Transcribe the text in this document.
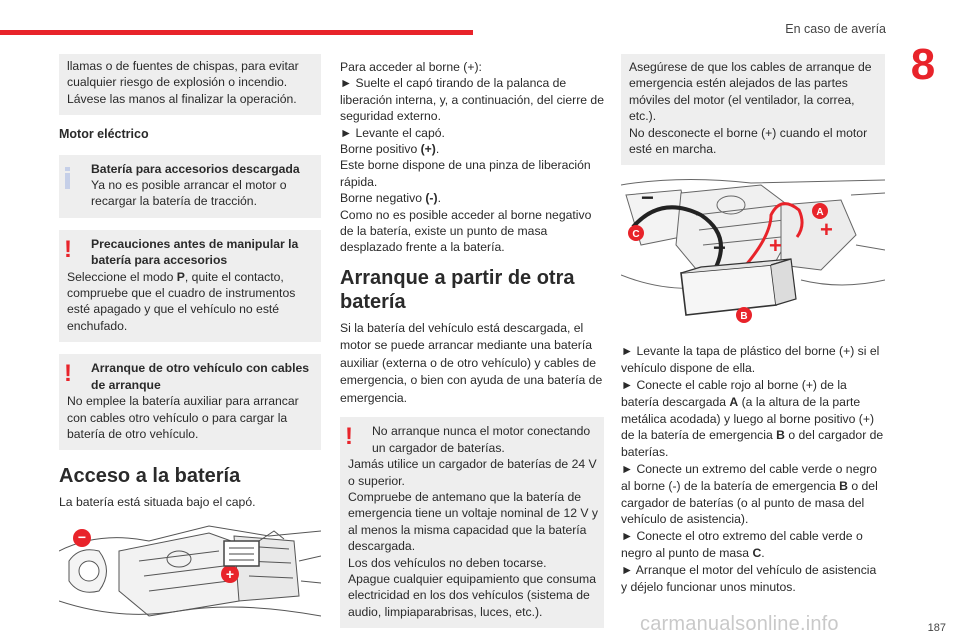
En caso de avería
8

llamas o de fuentes de chispas, para evitar cualquier riesgo de explosión o incendio. Lávese las manos al finalizar la operación.

Motor eléctrico

Batería para accesorios descargada

Ya no es posible arrancar el motor o recargar la batería de tracción.

!	Precauciones antes de manipular la batería para accesorios

Seleccione el modo P, quite el contacto, compruebe que el cuadro de instrumentos esté apagado y que el vehículo no esté enchufado.

!	Arranque de otro vehículo con cables de arranque

No emplee la batería auxiliar para arrancar con cables otro vehículo o para cargar la batería de otro vehículo.

Acceso a la batería

La batería está situada bajo el capó.

−
+

Para acceder al borne (+):

► Suelte el capó tirando de la palanca de liberación interna, y, a continuación, del cierre de seguridad externo.

► Levante el capó.

Borne positivo (+).

Este borne dispone de una pinza de liberación rápida.

Borne negativo (-).

Como no es posible acceder al borne negativo de la batería, existe un punto de masa desplazado frente a la batería.

Arranque a partir de otra batería

Si la batería del vehículo está descargada, el motor se puede arrancar mediante una batería auxiliar (externa o de otro vehículo) y cables de emergencia, o bien con ayuda de una batería de emergencia.

!	No arranque nunca el motor conectando un cargador de baterías.

Jamás utilice un cargador de baterías de 24 V o superior.

Compruebe de antemano que la batería de emergencia tiene un voltaje nominal de 12 V y al menos la misma capacidad que la batería descargada.

Los dos vehículos no deben tocarse.

Apague cualquier equipamiento que consuma electricidad en los dos vehículos (sistema de audio, limpiaparabrisas, luces, etc.).

Asegúrese de que los cables de arranque de emergencia estén alejados de las partes móviles del motor (el ventilador, la correa, etc.).

No desconecte el borne (+) cuando el motor esté en marcha.

− +
−
+
A
B
C

► Levante la tapa de plástico del borne (+) si el vehículo dispone de ella.

► Conecte el cable rojo al borne (+) de la batería descargada A (a la altura de la parte metálica acodada) y luego al borne positivo (+) de la batería de emergencia B o del cargador de baterías.

► Conecte un extremo del cable verde o negro al borne (-) de la batería de emergencia B o del cargador de baterías (o al punto de masa del vehículo de asistencia).

► Conecte el otro extremo del cable verde o negro al punto de masa C.

► Arranque el motor del vehículo de asistencia y déjelo funcionar unos minutos.

carmanualsonline.info	187
